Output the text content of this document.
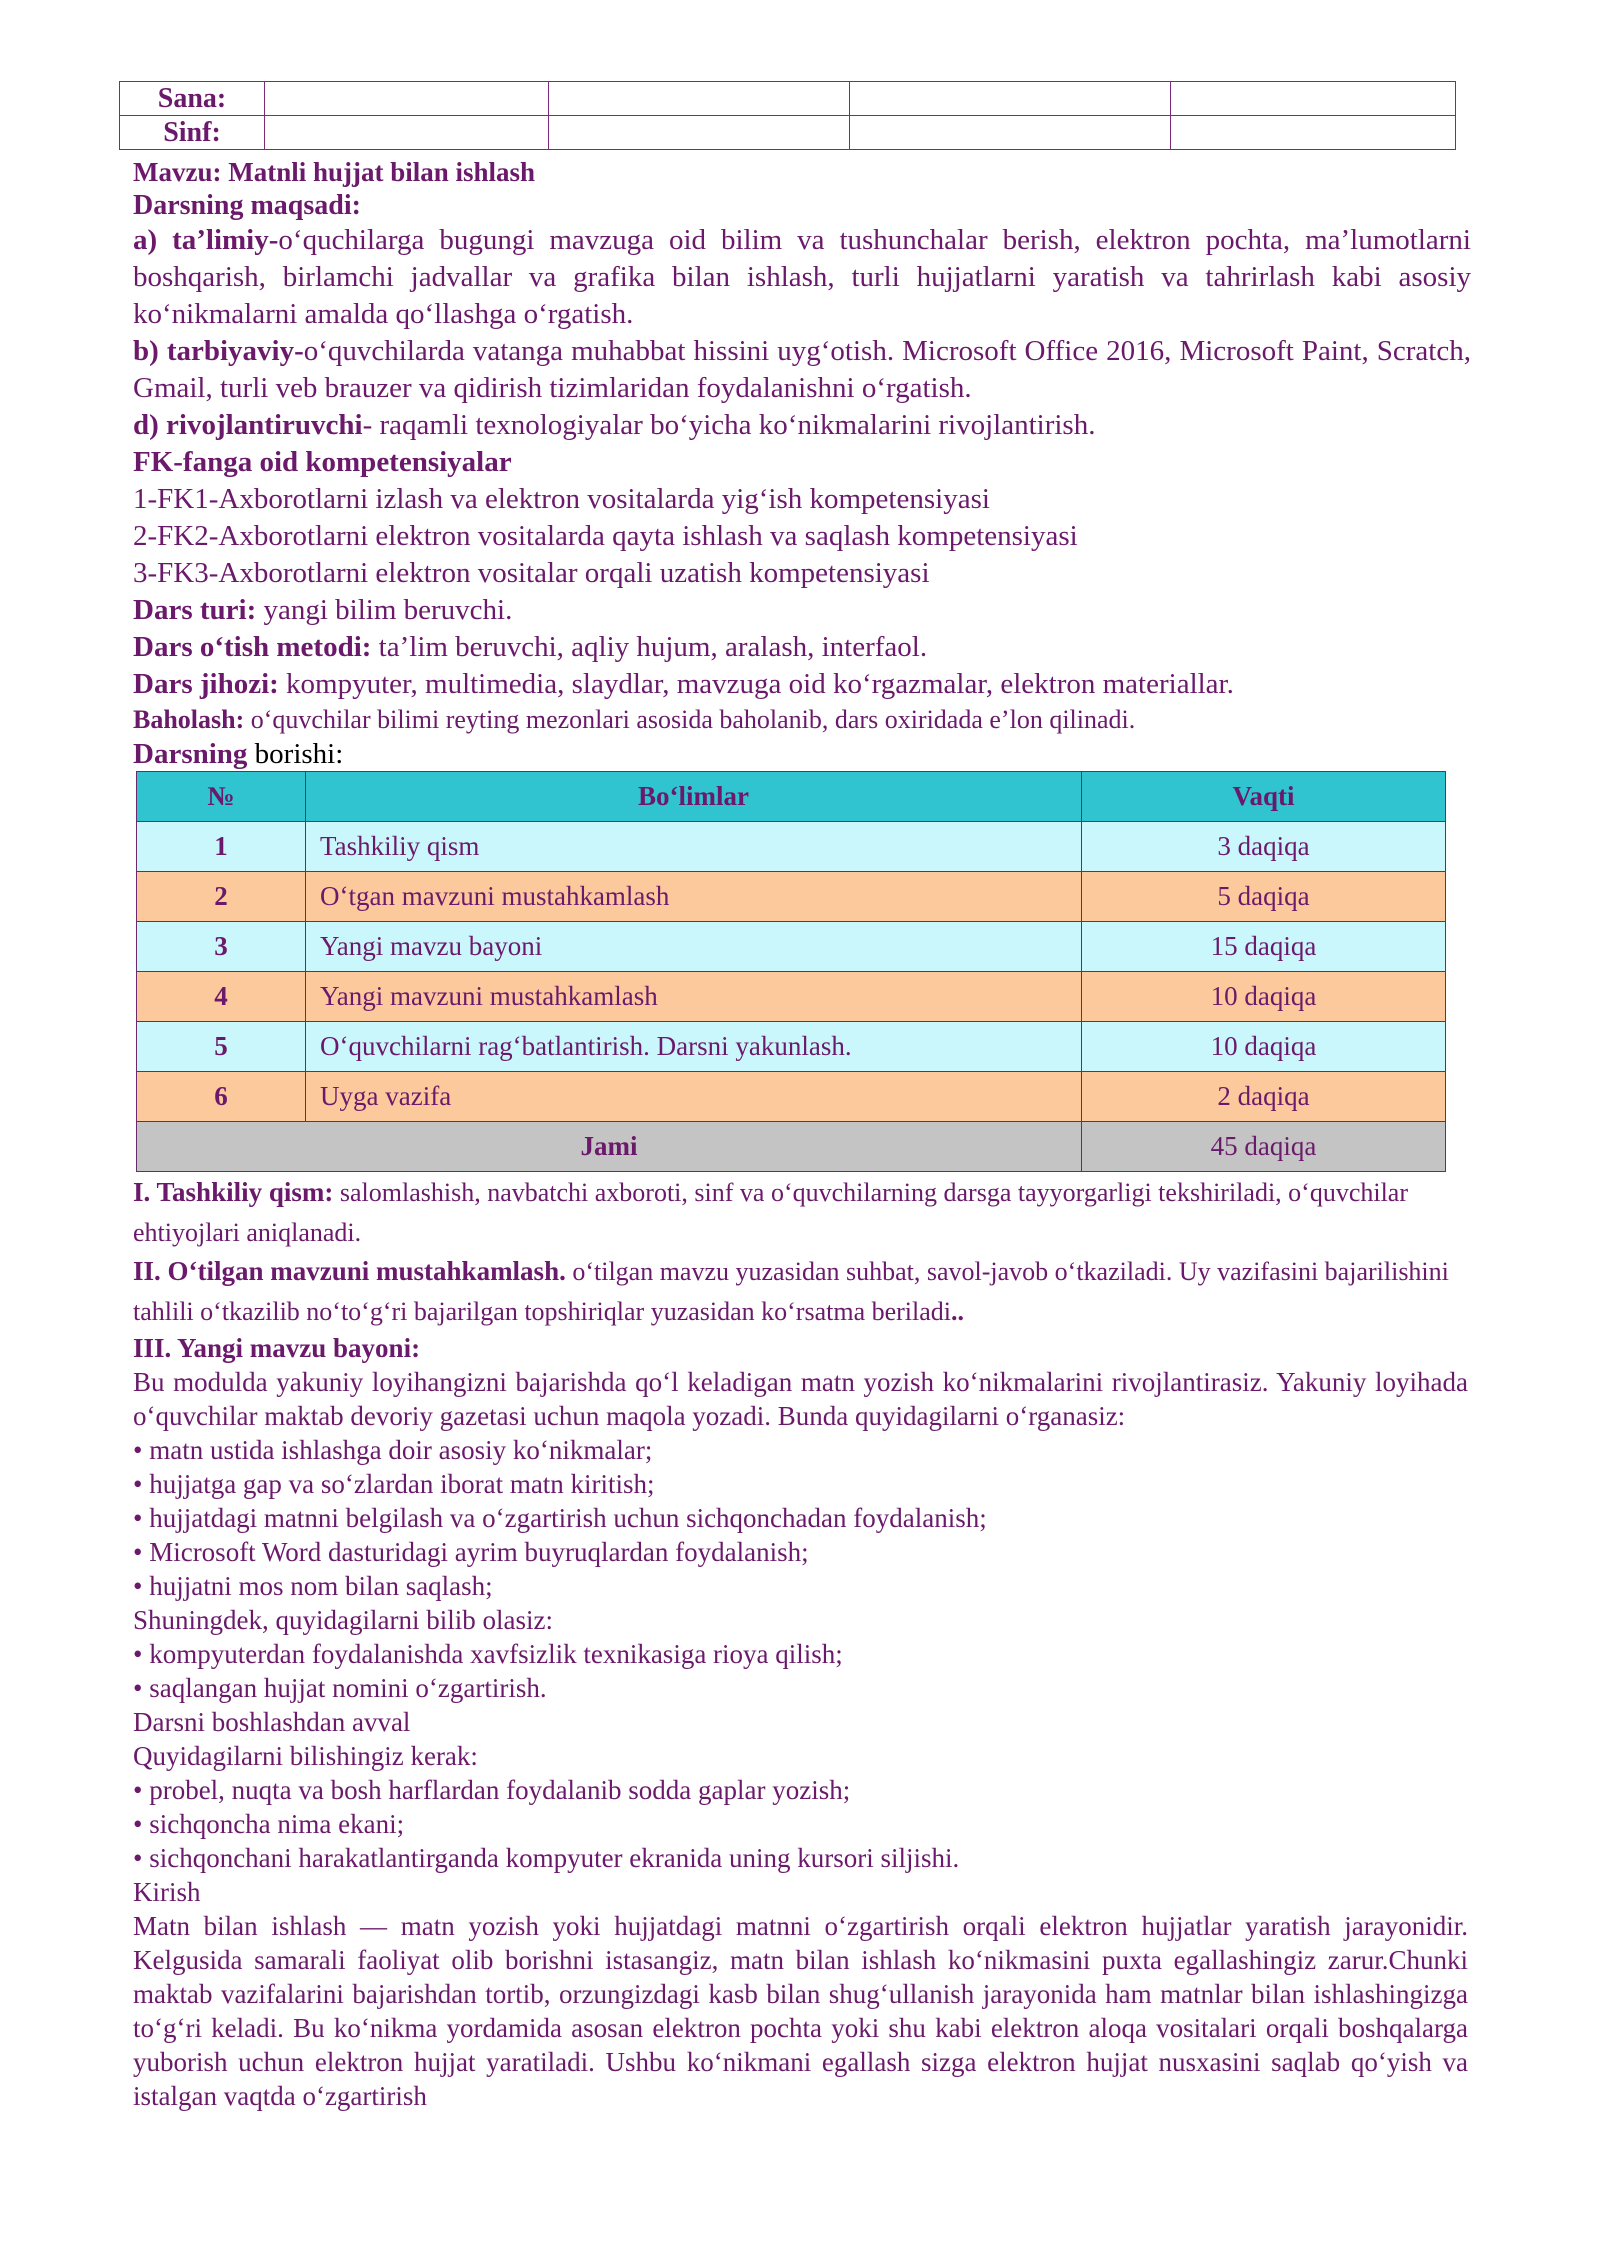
Sana:				
Sinf:				
Mavzu: Matnli hujjat bilan ishlash
Darsning maqsadi:
a) ta’limiy-o‘quchilarga bugungi mavzuga oid bilim va tushunchalar berish, elektron pochta, ma’lumotlarni boshqarish, birlamchi jadvallar va grafika bilan ishlash, turli hujjatlarni yaratish va tahrirlash kabi asosiy ko‘nikmalarni amalda qo‘llashga o‘rgatish.
b) tarbiyaviy-o‘quvchilarda vatanga muhabbat hissini uyg‘otish. Microsoft Office 2016, Microsoft Paint, Scratch, Gmail, turli veb brauzer va qidirish tizimlaridan foydalanishni o‘rgatish.
d) rivojlantiruvchi- raqamli texnologiyalar bo‘yicha ko‘nikmalarini rivojlantirish.
FK-fanga oid kompetensiyalar
1-FK1-Axborotlarni izlash va elektron vositalarda yig‘ish kompetensiyasi
2-FK2-Axborotlarni elektron vositalarda qayta ishlash va saqlash kompetensiyasi
3-FK3-Axborotlarni elektron vositalar orqali uzatish kompetensiyasi
Dars turi: yangi bilim beruvchi.
Dars o‘tish metodi: ta’lim beruvchi, aqliy hujum, aralash, interfaol.
Dars jihozi: kompyuter, multimedia, slaydlar, mavzuga oid ko‘rgazmalar, elektron materiallar.
Baholash: o‘quvchilar bilimi reyting mezonlari asosida baholanib, dars oxiridada e’lon qilinadi.
Darsning borishi:
№	Bo‘limlar	Vaqti
1	Tashkiliy qism	3 daqiqa
2	O‘tgan mavzuni mustahkamlash	5 daqiqa
3	Yangi mavzu bayoni	15 daqiqa
4	Yangi mavzuni mustahkamlash	10 daqiqa
5	O‘quvchilarni rag‘batlantirish. Darsni yakunlash.	10 daqiqa
6	Uyga vazifa	2 daqiqa
Jami		45 daqiqa
I. Tashkiliy qism: salomlashish, navbatchi axboroti, sinf va o‘quvchilarning darsga tayyorgarligi tekshiriladi, o‘quvchilar ehtiyojlari aniqlanadi.
II. O‘tilgan mavzuni mustahkamlash. o‘tilgan mavzu yuzasidan suhbat, savol-javob o‘tkaziladi. Uy vazifasini bajarilishini tahlili o‘tkazilib no‘to‘g‘ri bajarilgan topshiriqlar yuzasidan ko‘rsatma beriladi..
III. Yangi mavzu bayoni:
Bu modulda yakuniy loyihangizni bajarishda qo‘l keladigan matn yozish ko‘nikmalarini rivojlantirasiz. Yakuniy loyihada o‘quvchilar maktab devoriy gazetasi uchun maqola yozadi. Bunda quyidagilarni o‘rganasiz:
• matn ustida ishlashga doir asosiy ko‘nikmalar;
• hujjatga gap va so‘zlardan iborat matn kiritish;
• hujjatdagi matnni belgilash va o‘zgartirish uchun sichqonchadan foydalanish;
• Microsoft Word dasturidagi ayrim buyruqlardan foydalanish;
• hujjatni mos nom bilan saqlash;
Shuningdek, quyidagilarni bilib olasiz:
• kompyuterdan foydalanishda xavfsizlik texnikasiga rioya qilish;
• saqlangan hujjat nomini o‘zgartirish.
Darsni boshlashdan avval
Quyidagilarni bilishingiz kerak:
• probel, nuqta va bosh harflardan foydalanib sodda gaplar yozish;
• sichqoncha nima ekani;
• sichqonchani harakatlantirganda kompyuter ekranida uning kursori siljishi.
Kirish
Matn bilan ishlash — matn yozish yoki hujjatdagi matnni o‘zgartirish orqali elektron hujjatlar yaratish jarayonidir. Kelgusida samarali faoliyat olib borishni istasangiz, matn bilan ishlash ko‘nikmasini puxta egallashingiz zarur.Chunki maktab vazifalarini bajarishdan tortib, orzungizdagi kasb bilan shug‘ullanish jarayonida ham matnlar bilan ishlashingizga to‘g‘ri keladi. Bu ko‘nikma yordamida asosan elektron pochta yoki shu kabi elektron aloqa vositalari orqali boshqalarga yuborish uchun elektron hujjat yaratiladi. Ushbu ko‘nikmani egallash sizga elektron hujjat nusxasini saqlab qo‘yish va istalgan vaqtda o‘zgartirish
